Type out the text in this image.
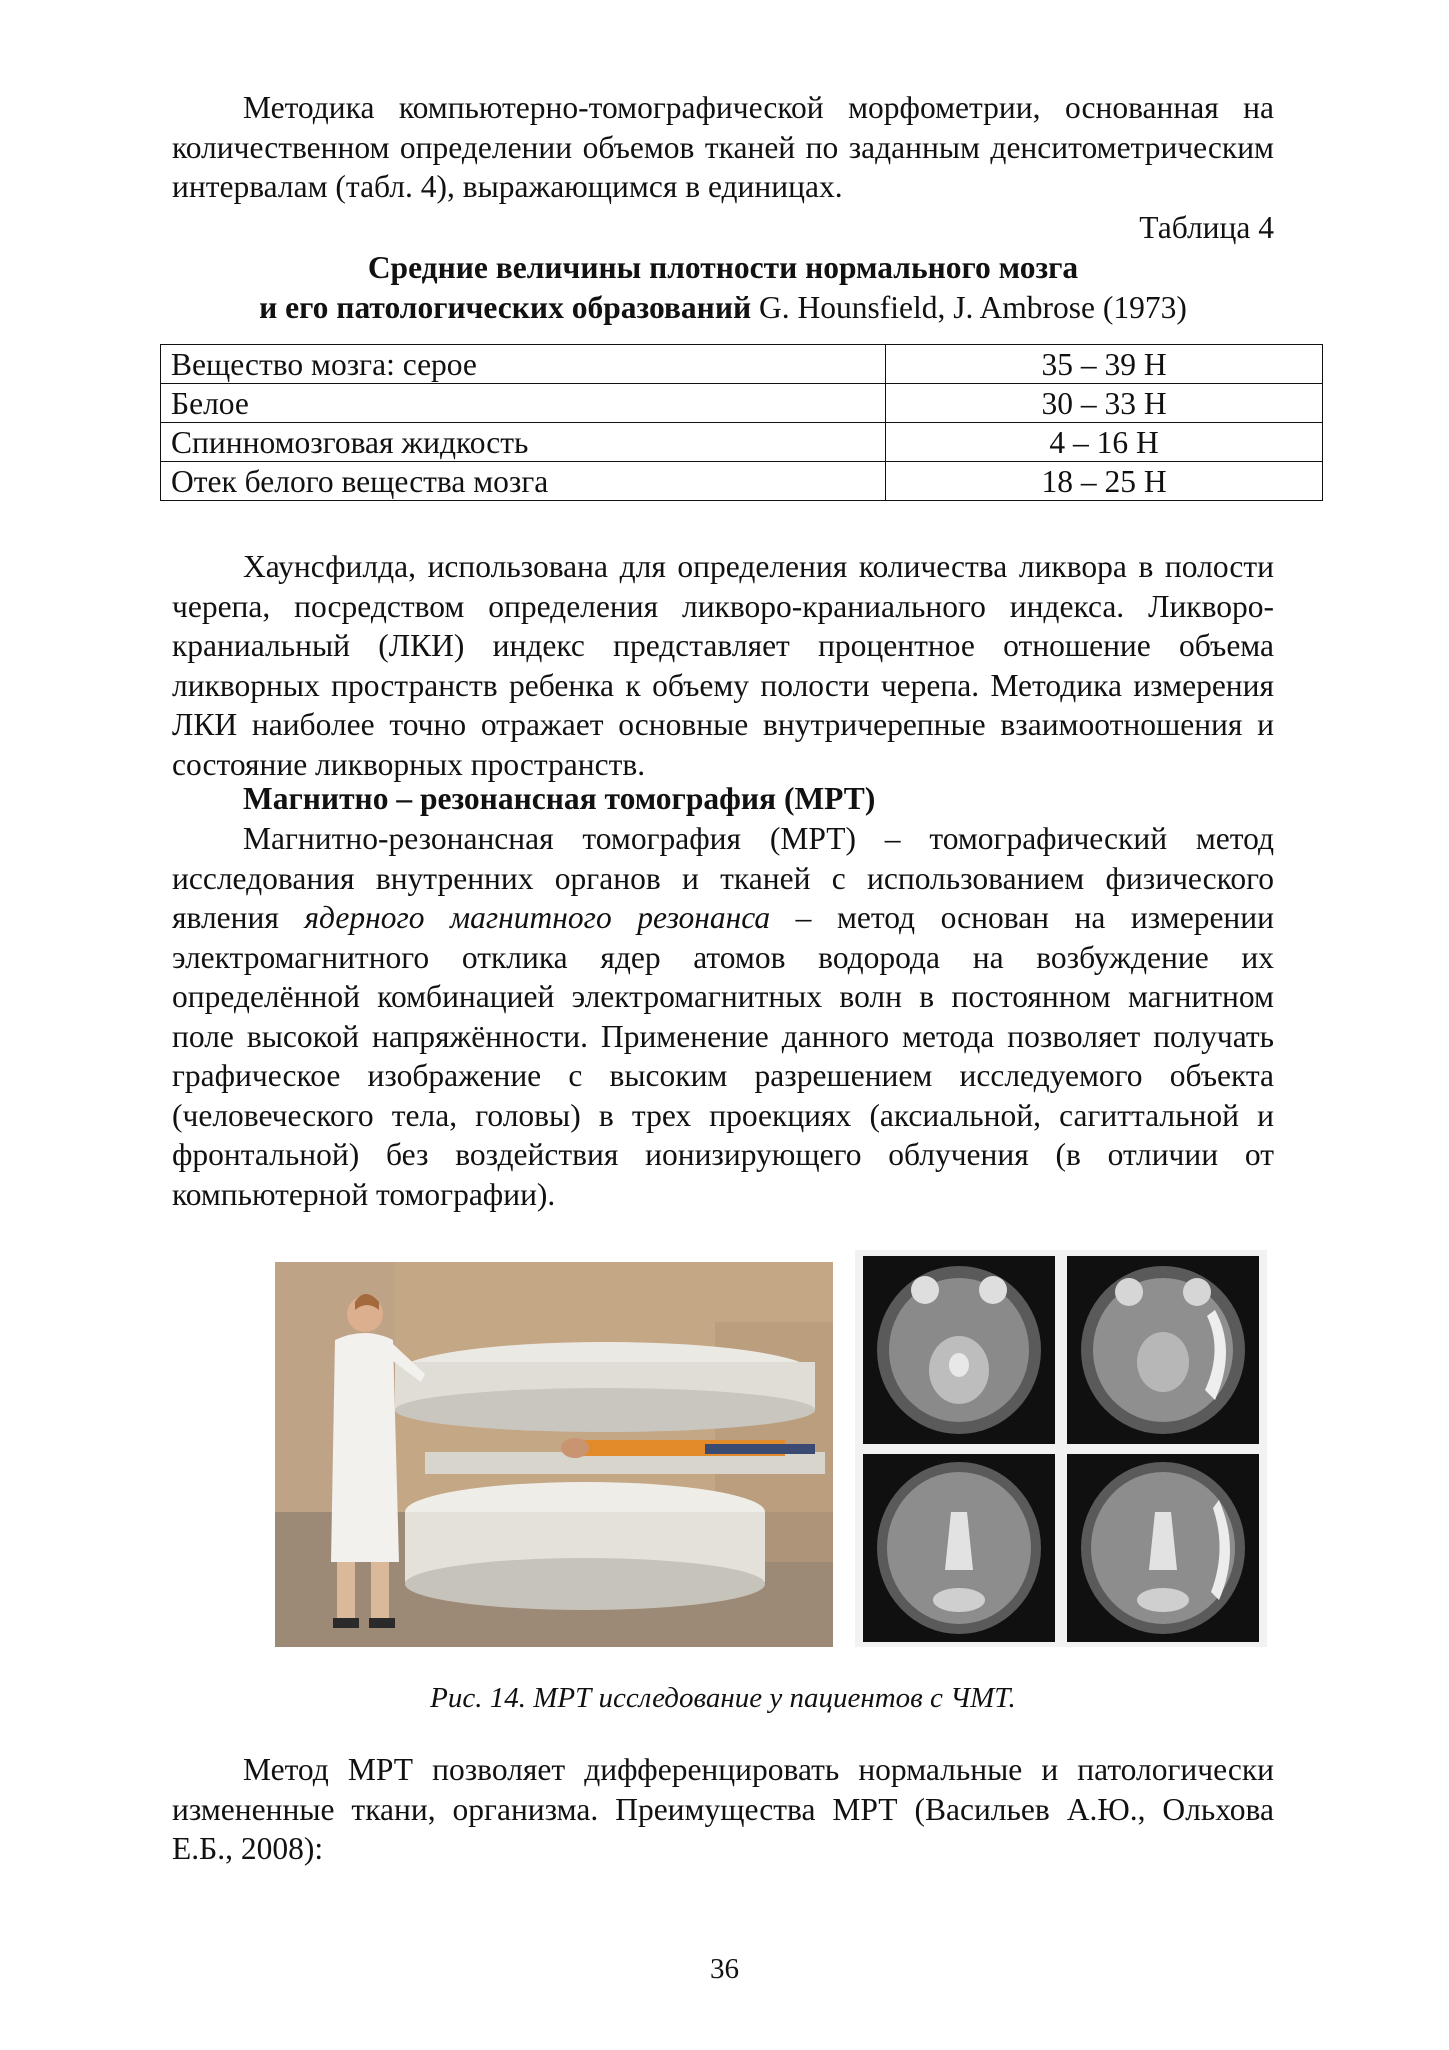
Методика компьютерно-томографической морфометрии, основанная на количественном определении объемов тканей по заданным денситометрическим интервалам (табл. 4), выражающимся в единицах.

Таблица 4
Средние величины плотности нормального мозга
и его патологических образований G. Hounsfield, J. Ambrose (1973)
Вещество мозга: серое	35 – 39 Н
Белое	30 – 33 Н
Спинномозговая жидкость	4 – 16 Н
Отек белого вещества мозга	18 – 25 Н

Хаунсфилда, использована для определения количества ликвора в полости черепа, посредством определения ликворо-краниального индекса. Ликворо-краниальный (ЛКИ) индекс представляет процентное отношение объема ликворных пространств ребенка к объему полости черепа. Методика измерения ЛКИ наиболее точно отражает основные внутричерепные взаимоотношения и состояние ликворных пространств.

Магнитно – резонансная томография (МРТ)

Магнитно-резонансная томография (МРТ) – томографический метод исследования внутренних органов и тканей с использованием физического явления ядерного магнитного резонанса – метод основан на измерении электромагнитного отклика ядер атомов водорода на возбуждение их определённой комбинацией электромагнитных волн в постоянном магнитном поле высокой напряжённости. Применение данного метода позволяет получать графическое изображение с высоким разрешением исследуемого объекта (человеческого тела, головы) в трех проекциях (аксиальной, сагиттальной и фронтальной) без воздействия ионизирующего облучения (в отличии от компьютерной томографии).

Рис. 14. МРТ исследование у пациентов с ЧМТ.

Метод МРТ позволяет дифференцировать нормальные и патологически измененные ткани, организма. Преимущества МРТ (Васильев А.Ю., Ольхова Е.Б., 2008):

36
